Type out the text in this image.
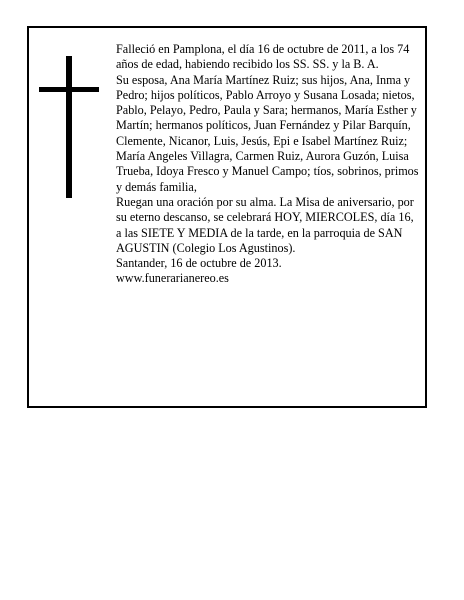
Falleció en Pamplona, el día 16 de octubre de 2011, a los 74 años de edad, habiendo recibido los SS. SS. y la B. A.

Su esposa, Ana María Martínez Ruiz; sus hijos, Ana, Inma y Pedro; hijos políticos, Pablo Arroyo y Susana Losada; nietos, Pablo, Pelayo, Pedro, Paula y Sara; hermanos, María Esther y Martín; hermanos políticos, Juan Fernández y Pilar Barquín, Clemente, Nicanor, Luis, Jesús, Epi e Isabel Martínez Ruiz; María Angeles Villagra, Carmen Ruiz, Aurora Guzón, Luisa Trueba, Idoya Fresco y Manuel Campo; tíos, sobrinos, primos y demás familia,

Ruegan una oración por su alma. La Misa de aniversario, por su eterno descanso, se celebrará HOY, MIERCOLES, día 16, a las SIETE Y MEDIA de la tarde, en la parroquia de SAN AGUSTIN (Colegio Los Agustinos).

Santander, 16 de octubre de 2013.

www.funerarianereo.es
